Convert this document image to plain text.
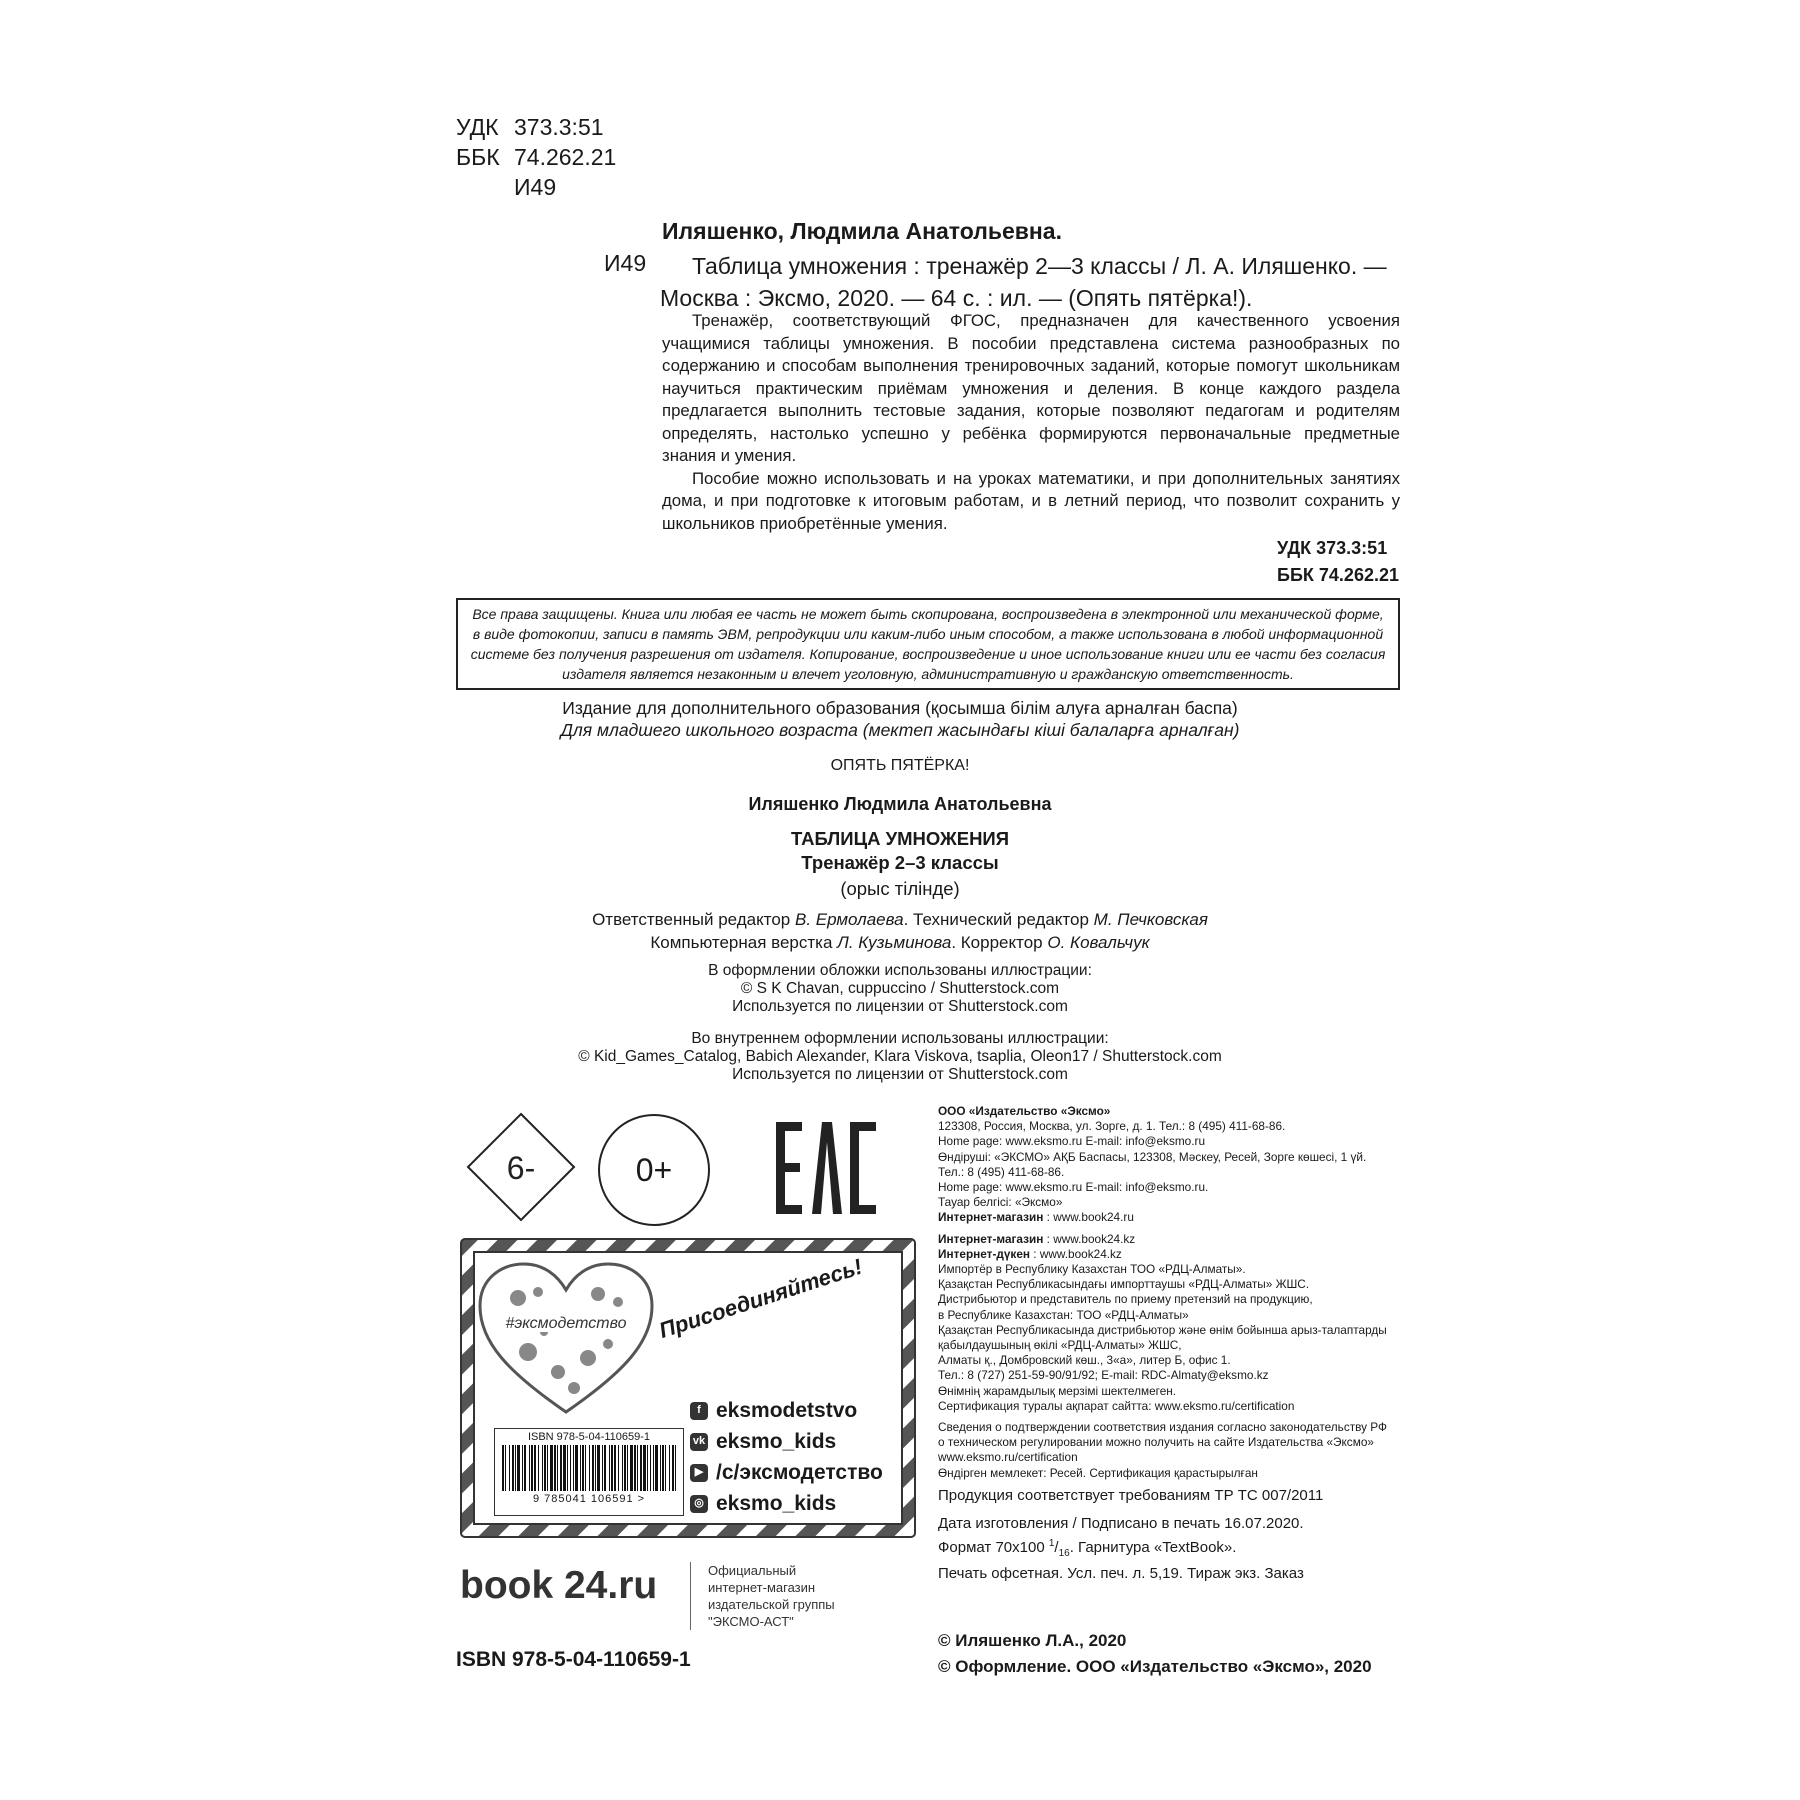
УДК 373.3:51
ББК 74.262.21
И49
Иляшенко, Людмила Анатольевна.
И49 Таблица умножения : тренажёр 2—3 классы / Л. А. Иляшенко. —
Москва : Эксмо, 2020. — 64 с. : ил. — (Опять пятёрка!).

Тренажёр, соответствующий ФГОС, предназначен для качественного усвоения учащимися таблицы умножения. В пособии представлена система разнообразных по содержанию и способам выполнения тренировочных заданий, которые помогут школьникам научиться практическим приёмам умножения и деления. В конце каждого раздела предлагается выполнить тестовые задания, которые позволяют педагогам и родителям определять, настолько успешно у ребёнка формируются первоначальные предметные знания и умения.

Пособие можно использовать и на уроках математики, и при дополнительных занятиях дома, и при подготовке к итоговым работам, и в летний период, что позволит сохранить у школьников приобретённые умения.

УДК 373.3:51
ББК 74.262.21
Все права защищены. Книга или любая ее часть не может быть скопирована, воспроизведена в электронной или механической форме, в виде фотокопии, записи в память ЭВМ, репродукции или каким-либо иным способом, а также использована в любой информационной системе без получения разрешения от издателя. Копирование, воспроизведение и иное использование книги или ее части без согласия издателя является незаконным и влечет уголовную, административную и гражданскую ответственность.
Издание для дополнительного образования (қосымша білім алуға арналған баспа)
Для младшего школьного возраста (мектеп жасындағы кіші балаларға арналған)
ОПЯТЬ ПЯТЁРКА!
Иляшенко Людмила Анатольевна
ТАБЛИЦА УМНОЖЕНИЯ
Тренажёр 2–3 классы
(орыс тілінде)
Ответственный редактор В. Ермолаева. Технический редактор М. Печковская
Компьютерная верстка Л. Кузьминова. Корректор О. Ковальчук
В оформлении обложки использованы иллюстрации:
© S K Chavan, cuppuccino / Shutterstock.com
Используется по лицензии от Shutterstock.com
Во внутреннем оформлении использованы иллюстрации:
© Kid_Games_Catalog, Babich Alexander, Klara Viskova, tsaplia, Oleon17 / Shutterstock.com
Используется по лицензии от Shutterstock.com
6-	0+
ООО «Издательство «Эксмо»
123308, Россия, Москва, ул. Зорге, д. 1. Тел.: 8 (495) 411-68-86.
Home page: www.eksmo.ru E-mail: info@eksmo.ru
Өндіруші: «ЭКСМО» АҚБ Баспасы, 123308, Мәскеу, Ресей, Зорге көшесі, 1 үй.
Тел.: 8 (495) 411-68-86.
Home page: www.eksmo.ru E-mail: info@eksmo.ru.
Тауар белгісі: «Эксмо»
Интернет-магазин : www.book24.ru
Интернет-магазин : www.book24.kz
Интернет-дүкен : www.book24.kz
Импортёр в Республику Казахстан ТОО «РДЦ-Алматы».
Қазақстан Республикасындағы импорттаушы «РДЦ-Алматы» ЖШС.
Дистрибьютор и представитель по приему претензий на продукцию,
в Республике Казахстан: ТОО «РДЦ-Алматы»
Қазақстан Республикасында дистрибьютор және өнім бойынша арыз-талаптарды
қабылдаушының өкілі «РДЦ-Алматы» ЖШС,
Алматы қ., Домбровский көш., 3«а», литер Б, офис 1.
Тел.: 8 (727) 251-59-90/91/92; E-mail: RDC-Almaty@eksmo.kz
Өнімнің жарамдылық мерзімі шектелмеген.
Сертификация туралы ақпарат сайтта: www.eksmo.ru/certification
Сведения о подтверждении соответствия издания согласно законодательству РФ
о техническом регулировании можно получить на сайте Издательства «Эксмо»
www.eksmo.ru/certification
Өндірген мемлекет: Ресей. Сертификация қарастырылған
Продукция соответствует требованиям ТР ТС 007/2011
Дата изготовления / Подписано в печать 16.07.2020.
Формат 70x100 $^1/_{16}$. Гарнитура «TextBook».
Печать офсетная. Усл. печ. л. 5,19. Тираж экз. Заказ
#эксмодетство Присоединяйтесь!
f eksmodetstvo
vk eksmo_kids
▶ /c/эксмодетство
◎ eksmo_kids
ISBN 978-5-04-110659-1
9 785041 106591 >
book 24.ru	Официальный
интернет-магазин
издательской группы
"ЭКСМО-АСТ"
ISBN 978-5-04-110659-1
© Иляшенко Л.А., 2020
© Оформление. ООО «Издательство «Эксмо», 2020
